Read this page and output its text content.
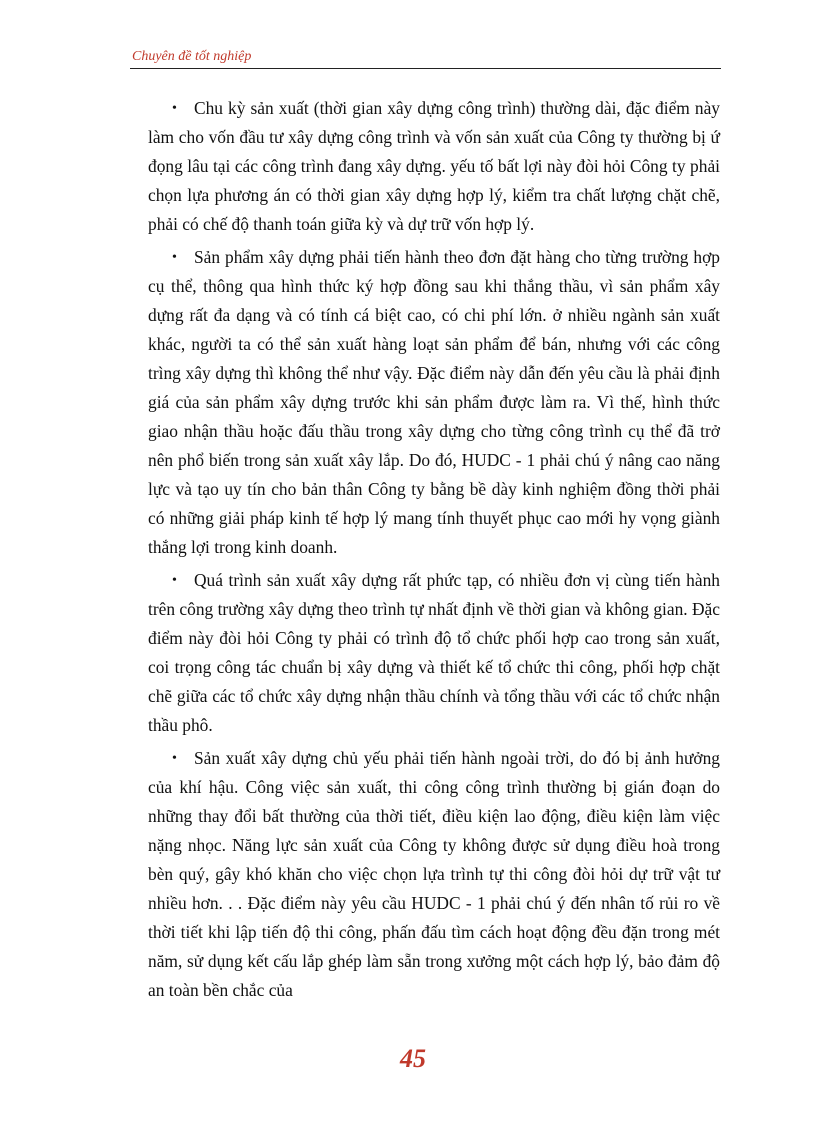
Chuyên đề tốt nghiệp

• Chu kỳ sản xuất (thời gian xây dựng công trình) thường dài, đặc điểm này làm cho vốn đầu tư xây dựng công trình và vốn sản xuất của Công ty thường bị ứ đọng lâu tại các công trình đang xây dựng. yếu tố bất lợi này đòi hỏi Công ty phải chọn lựa phương án có thời gian xây dựng hợp lý, kiểm tra chất lượng chặt chẽ, phải có chế độ thanh toán giữa kỳ và dự trữ vốn hợp lý.

• Sản phẩm xây dựng phải tiến hành theo đơn đặt hàng cho từng trường hợp cụ thể, thông qua hình thức ký hợp đồng sau khi thắng thầu, vì sản phẩm xây dựng rất đa dạng và có tính cá biệt cao, có chi phí lớn. ở nhiều ngành sản xuất khác, người ta có thể sản xuất hàng loạt sản phẩm để bán, nhưng với các công trìng xây dựng thì không thể như vậy. Đặc điểm này dẫn đến yêu cầu là phải định giá của sản phẩm xây dựng trước khi sản phẩm được làm ra. Vì thế, hình thức giao nhận thầu hoặc đấu thầu trong xây dựng cho từng công trình cụ thể đã trở nên phổ biến trong sản xuất xây lắp. Do đó, HUDC - 1 phải chú ý nâng cao năng lực và tạo uy tín cho bản thân Công ty bằng bề dày kinh nghiệm đồng thời phải có những giải pháp kinh tế hợp lý mang tính thuyết phục cao mới hy vọng giành thắng lợi trong kinh doanh.

• Quá trình sản xuất xây dựng rất phức tạp, có nhiều đơn vị cùng tiến hành trên công trường xây dựng theo trình tự nhất định về thời gian và không gian. Đặc điểm này đòi hỏi Công ty phải có trình độ tổ chức phối hợp cao trong sản xuất, coi trọng công tác chuẩn bị xây dựng và thiết kế tổ chức thi công, phối hợp chặt chẽ giữa các tổ chức xây dựng nhận thầu chính và tổng thầu với các tổ chức nhận thầu phô.

• Sản xuất xây dựng chủ yếu phải tiến hành ngoài trời, do đó bị ảnh hưởng của khí hậu. Công việc sản xuất, thi công công trình thường bị gián đoạn do những thay đổi bất thường của thời tiết, điều kiện lao động, điều kiện làm việc nặng nhọc. Năng lực sản xuất của Công ty không được sử dụng điều hoà trong bèn quý, gây khó khăn cho việc chọn lựa trình tự thi công đòi hỏi dự trữ vật tư nhiều hơn. . . Đặc điểm này yêu cầu HUDC - 1 phải chú ý đến nhân tố rủi ro về thời tiết khi lập tiến độ thi công, phấn đấu tìm cách hoạt động đều đặn trong mét năm, sử dụng kết cấu lắp ghép làm sẵn trong xưởng một cách hợp lý, bảo đảm độ an toàn bền chắc của

45
